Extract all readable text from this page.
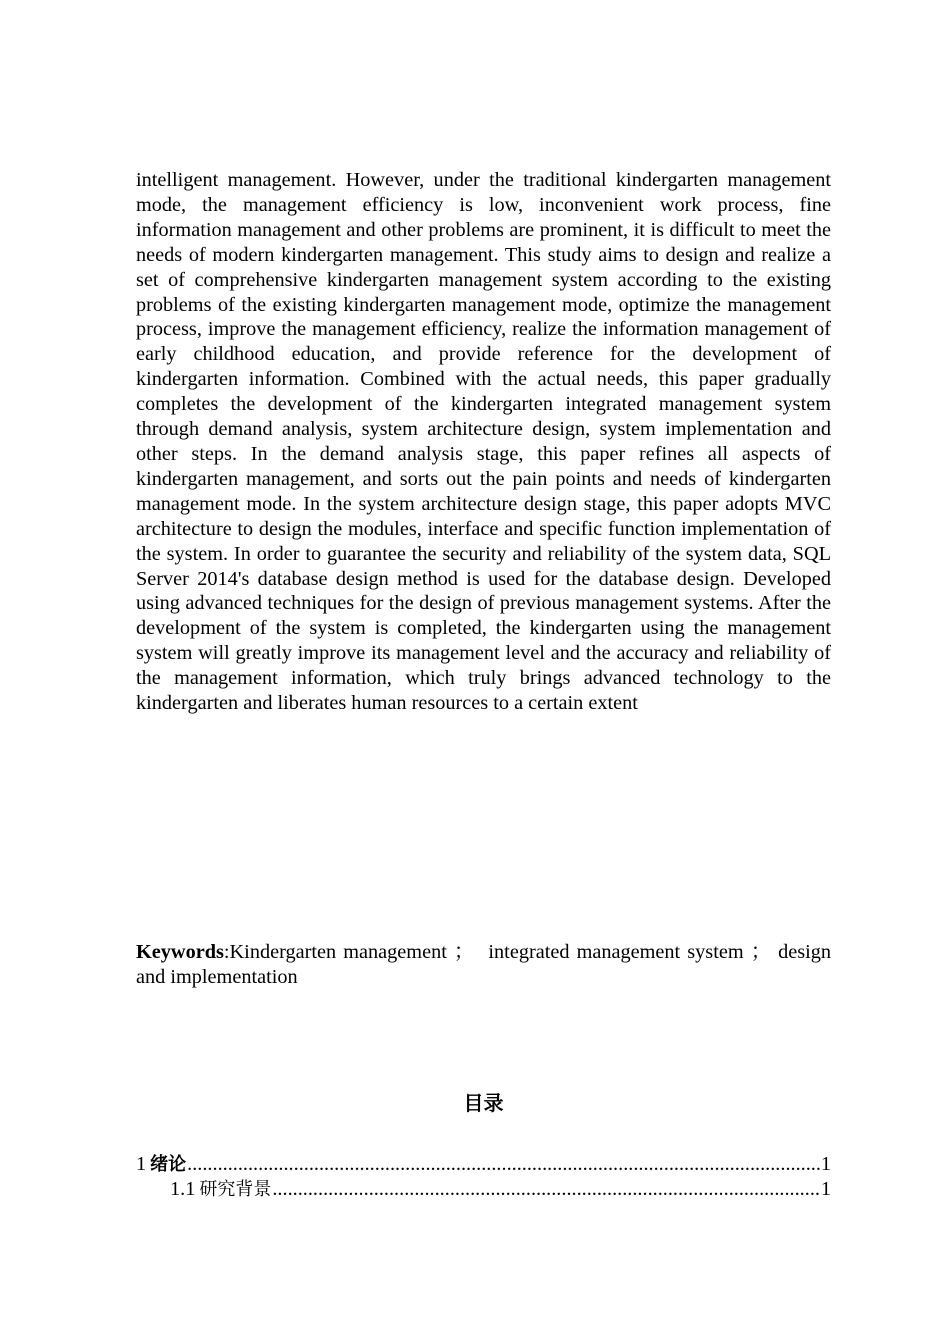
intelligent management. However, under the traditional kindergarten management mode, the management efficiency is low, inconvenient work process, fine information management and other problems are prominent, it is difficult to meet the needs of modern kindergarten management. This study aims to design and realize a set of comprehensive kindergarten management system according to the existing problems of the existing kindergarten management mode, optimize the management process, improve the management efficiency, realize the information management of early childhood education, and provide reference for the development of kindergarten information. Combined with the actual needs, this paper gradually completes the development of the kindergarten integrated management system through demand analysis, system architecture design, system implementation and other steps. In the demand analysis stage, this paper refines all aspects of kindergarten management, and sorts out the pain points and needs of kindergarten management mode. In the system architecture design stage, this paper adopts MVC architecture to design the modules, interface and specific function implementation of the system. In order to guarantee the security and reliability of the system data, SQL Server 2014's database design method is used for the database design. Developed using advanced techniques for the design of previous management systems. After the development of the system is completed, the kindergarten using the management system will greatly improve its management level and the accuracy and reliability of the management information, which truly brings advanced technology to the kindergarten and liberates human resources to a certain extent

Keywords:Kindergarten management ；  integrated management system ； design and implementation

目录
1 绪论 .....	1
1.1 研究背景 .....	1
